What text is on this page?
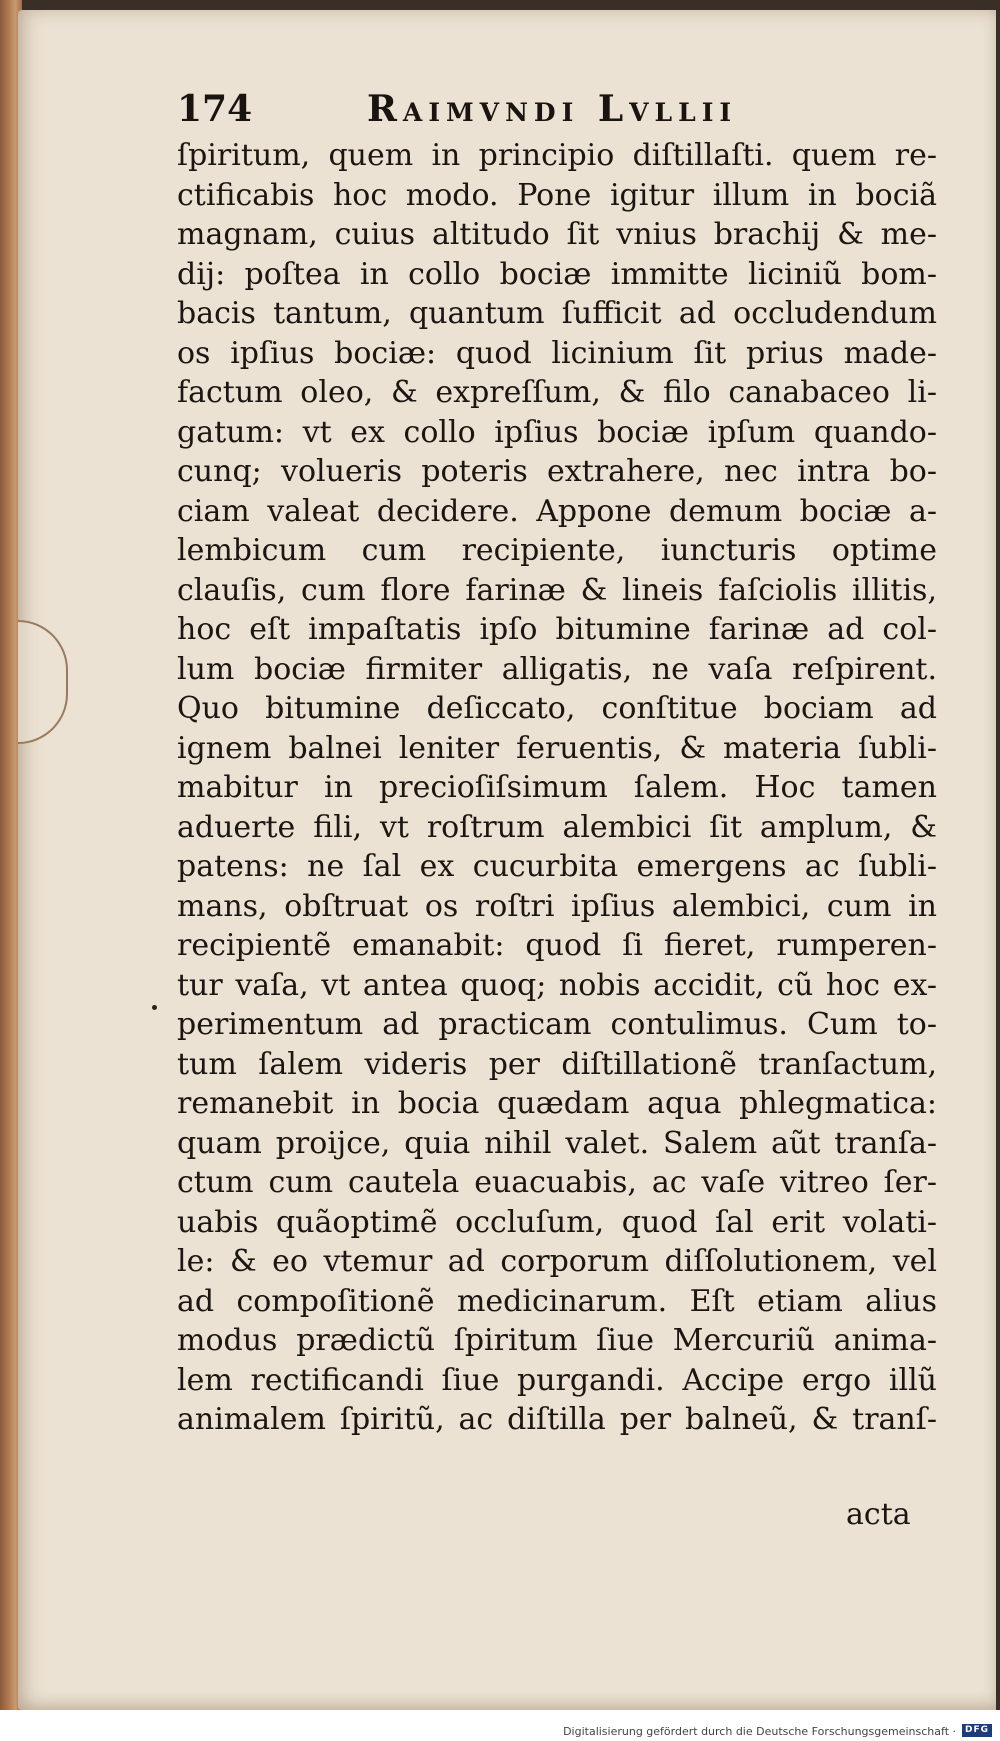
174	Raimvndi Lvllii
ſpiritum, quem in principio diſtillaſti. quem re-
ctificabis hoc modo. Pone igitur illum in bociã
magnam, cuius altitudo ſit vnius brachij & me-
dij: poſtea in collo bociæ immitte liciniũ bom-
bacis tantum, quantum ſufficit ad occludendum
os ipſius bociæ: quod licinium ſit prius made-
factum oleo, & expreſſum, & filo canabaceo li-
gatum: vt ex collo ipſius bociæ ipſum quando-
cunq; volueris poteris extrahere, nec intra bo-
ciam valeat decidere. Appone demum bociæ a-
lembicum cum recipiente, iuncturis optime
clauſis, cum flore farinæ & lineis faſciolis illitis,
hoc eſt impaſtatis ipſo bitumine farinæ ad col-
lum bociæ firmiter alligatis, ne vaſa reſpirent.
Quo bitumine deſiccato, conſtitue bociam ad
ignem balnei leniter feruentis, & materia ſubli-
mabitur in precioſiſsimum ſalem. Hoc tamen
aduerte fili, vt roſtrum alembici ſit amplum, &
patens: ne ſal ex cucurbita emergens ac ſubli-
mans, obſtruat os roſtri ipſius alembici, cum in
recipientẽ emanabit: quod ſi fieret, rumperen-
tur vaſa, vt antea quoq; nobis accidit, cũ hoc ex-
perimentum ad practicam contulimus. Cum to-
tum ſalem videris per diſtillationẽ tranſactum,
remanebit in bocia quædam aqua phlegmatica:
quam proijce, quia nihil valet. Salem aũt tranſa-
ctum cum cautela euacuabis, ac vaſe vitreo ſer-
uabis quãoptimẽ occluſum, quod ſal erit volati-
le: & eo vtemur ad corporum diſſolutionem, vel
ad compoſitionẽ medicinarum. Eſt etiam alius
modus prædictũ ſpiritum ſiue Mercuriũ anima-
lem rectificandi ſiue purgandi. Accipe ergo illũ
animalem ſpiritũ, ac diſtilla per balneũ, & tranſ-
acta
Digitalisierung gefördert durch die Deutsche Forschungsgemeinschaft · DFG
